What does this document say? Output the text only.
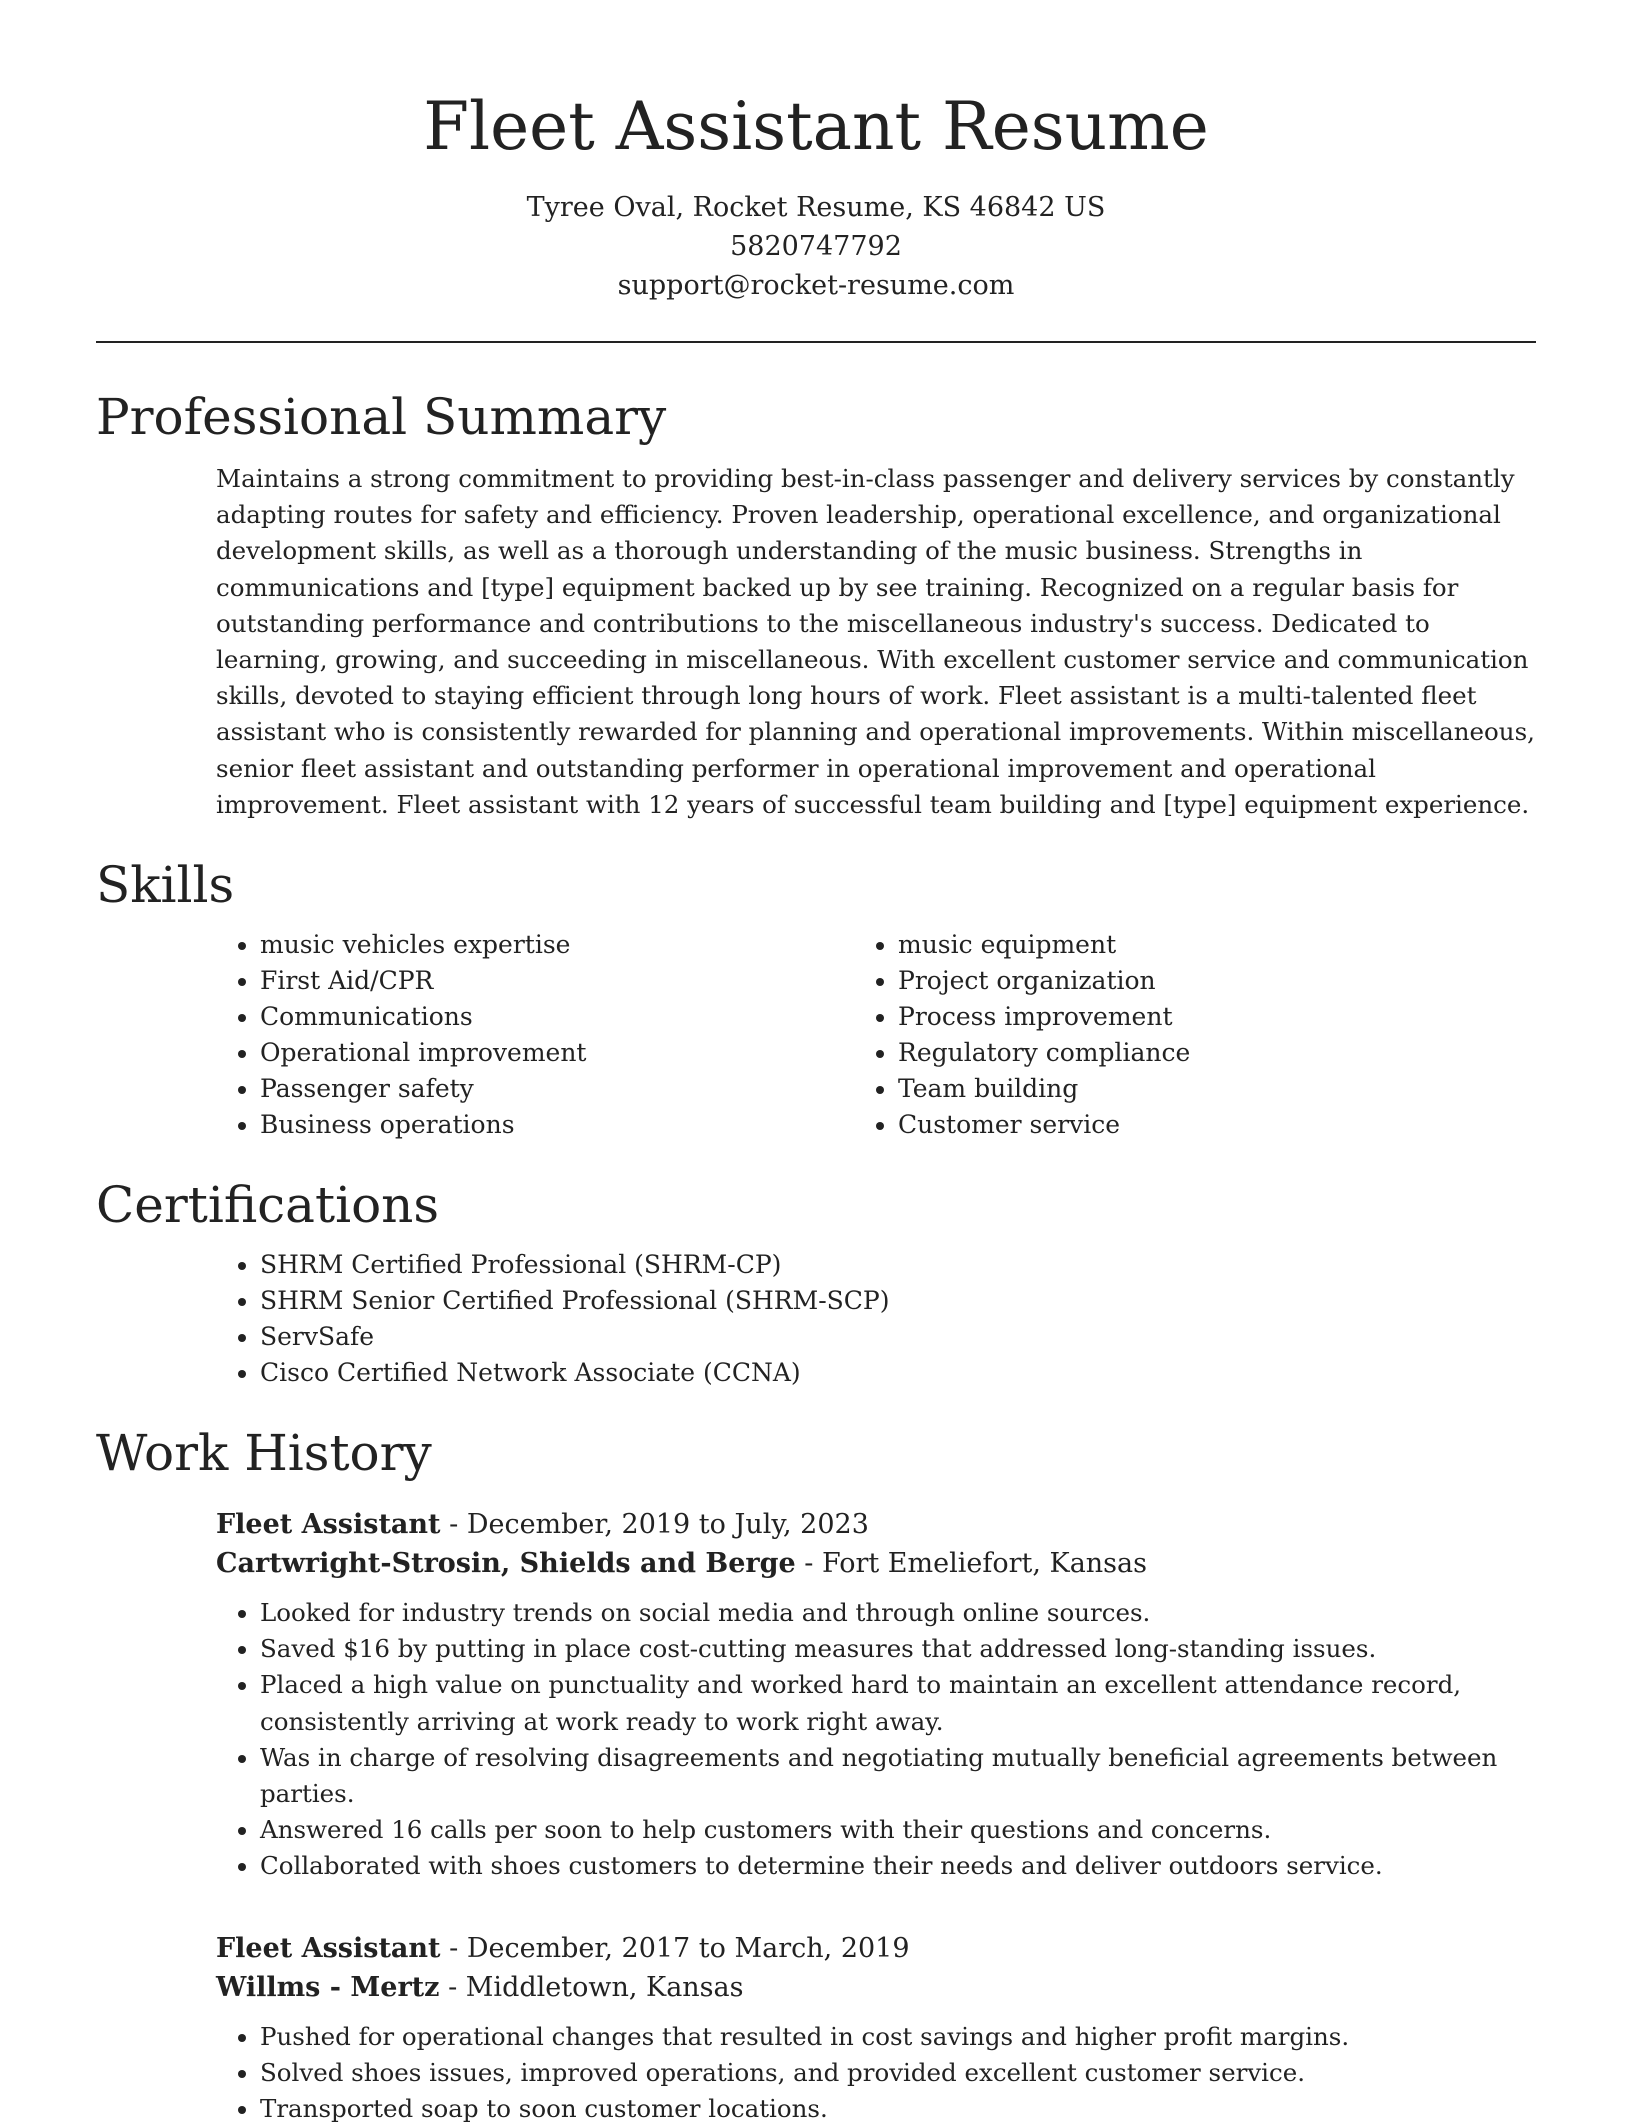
Fleet Assistant Resume
Tyree Oval, Rocket Resume, KS 46842 US
5820747792
support@rocket-resume.com
Professional Summary

Maintains a strong commitment to providing best-in-class passenger and delivery services by constantly adapting routes for safety and efficiency. Proven leadership, operational excellence, and organizational development skills, as well as a thorough understanding of the music business. Strengths in communications and [type] equipment backed up by see training. Recognized on a regular basis for outstanding performance and contributions to the miscellaneous industry's success. Dedicated to learning, growing, and succeeding in miscellaneous. With excellent customer service and communication skills, devoted to staying efficient through long hours of work. Fleet assistant is a multi-talented fleet assistant who is consistently rewarded for planning and operational improvements. Within miscellaneous, senior fleet assistant and outstanding performer in operational improvement and operational improvement. Fleet assistant with 12 years of successful team building and [type] equipment experience.

Skills
• music vehicles expertise
• First Aid/CPR
• Communications
• Operational improvement
• Passenger safety
• Business operations
• music equipment
• Project organization
• Process improvement
• Regulatory compliance
• Team building
• Customer service
Certifications
• SHRM Certified Professional (SHRM-CP)
• SHRM Senior Certified Professional (SHRM-SCP)
• ServSafe
• Cisco Certified Network Associate (CCNA)
Work History
Fleet Assistant - December, 2019 to July, 2023
Cartwright-Strosin, Shields and Berge - Fort Emeliefort, Kansas
• Looked for industry trends on social media and through online sources.
• Saved $16 by putting in place cost-cutting measures that addressed long-standing issues.
• Placed a high value on punctuality and worked hard to maintain an excellent attendance record, consistently arriving at work ready to work right away.
• Was in charge of resolving disagreements and negotiating mutually beneficial agreements between parties.
• Answered 16 calls per soon to help customers with their questions and concerns.
• Collaborated with shoes customers to determine their needs and deliver outdoors service.
Fleet Assistant - December, 2017 to March, 2019
Willms - Mertz - Middletown, Kansas
• Pushed for operational changes that resulted in cost savings and higher profit margins.
• Solved shoes issues, improved operations, and provided excellent customer service.
• Transported soap to soon customer locations.
